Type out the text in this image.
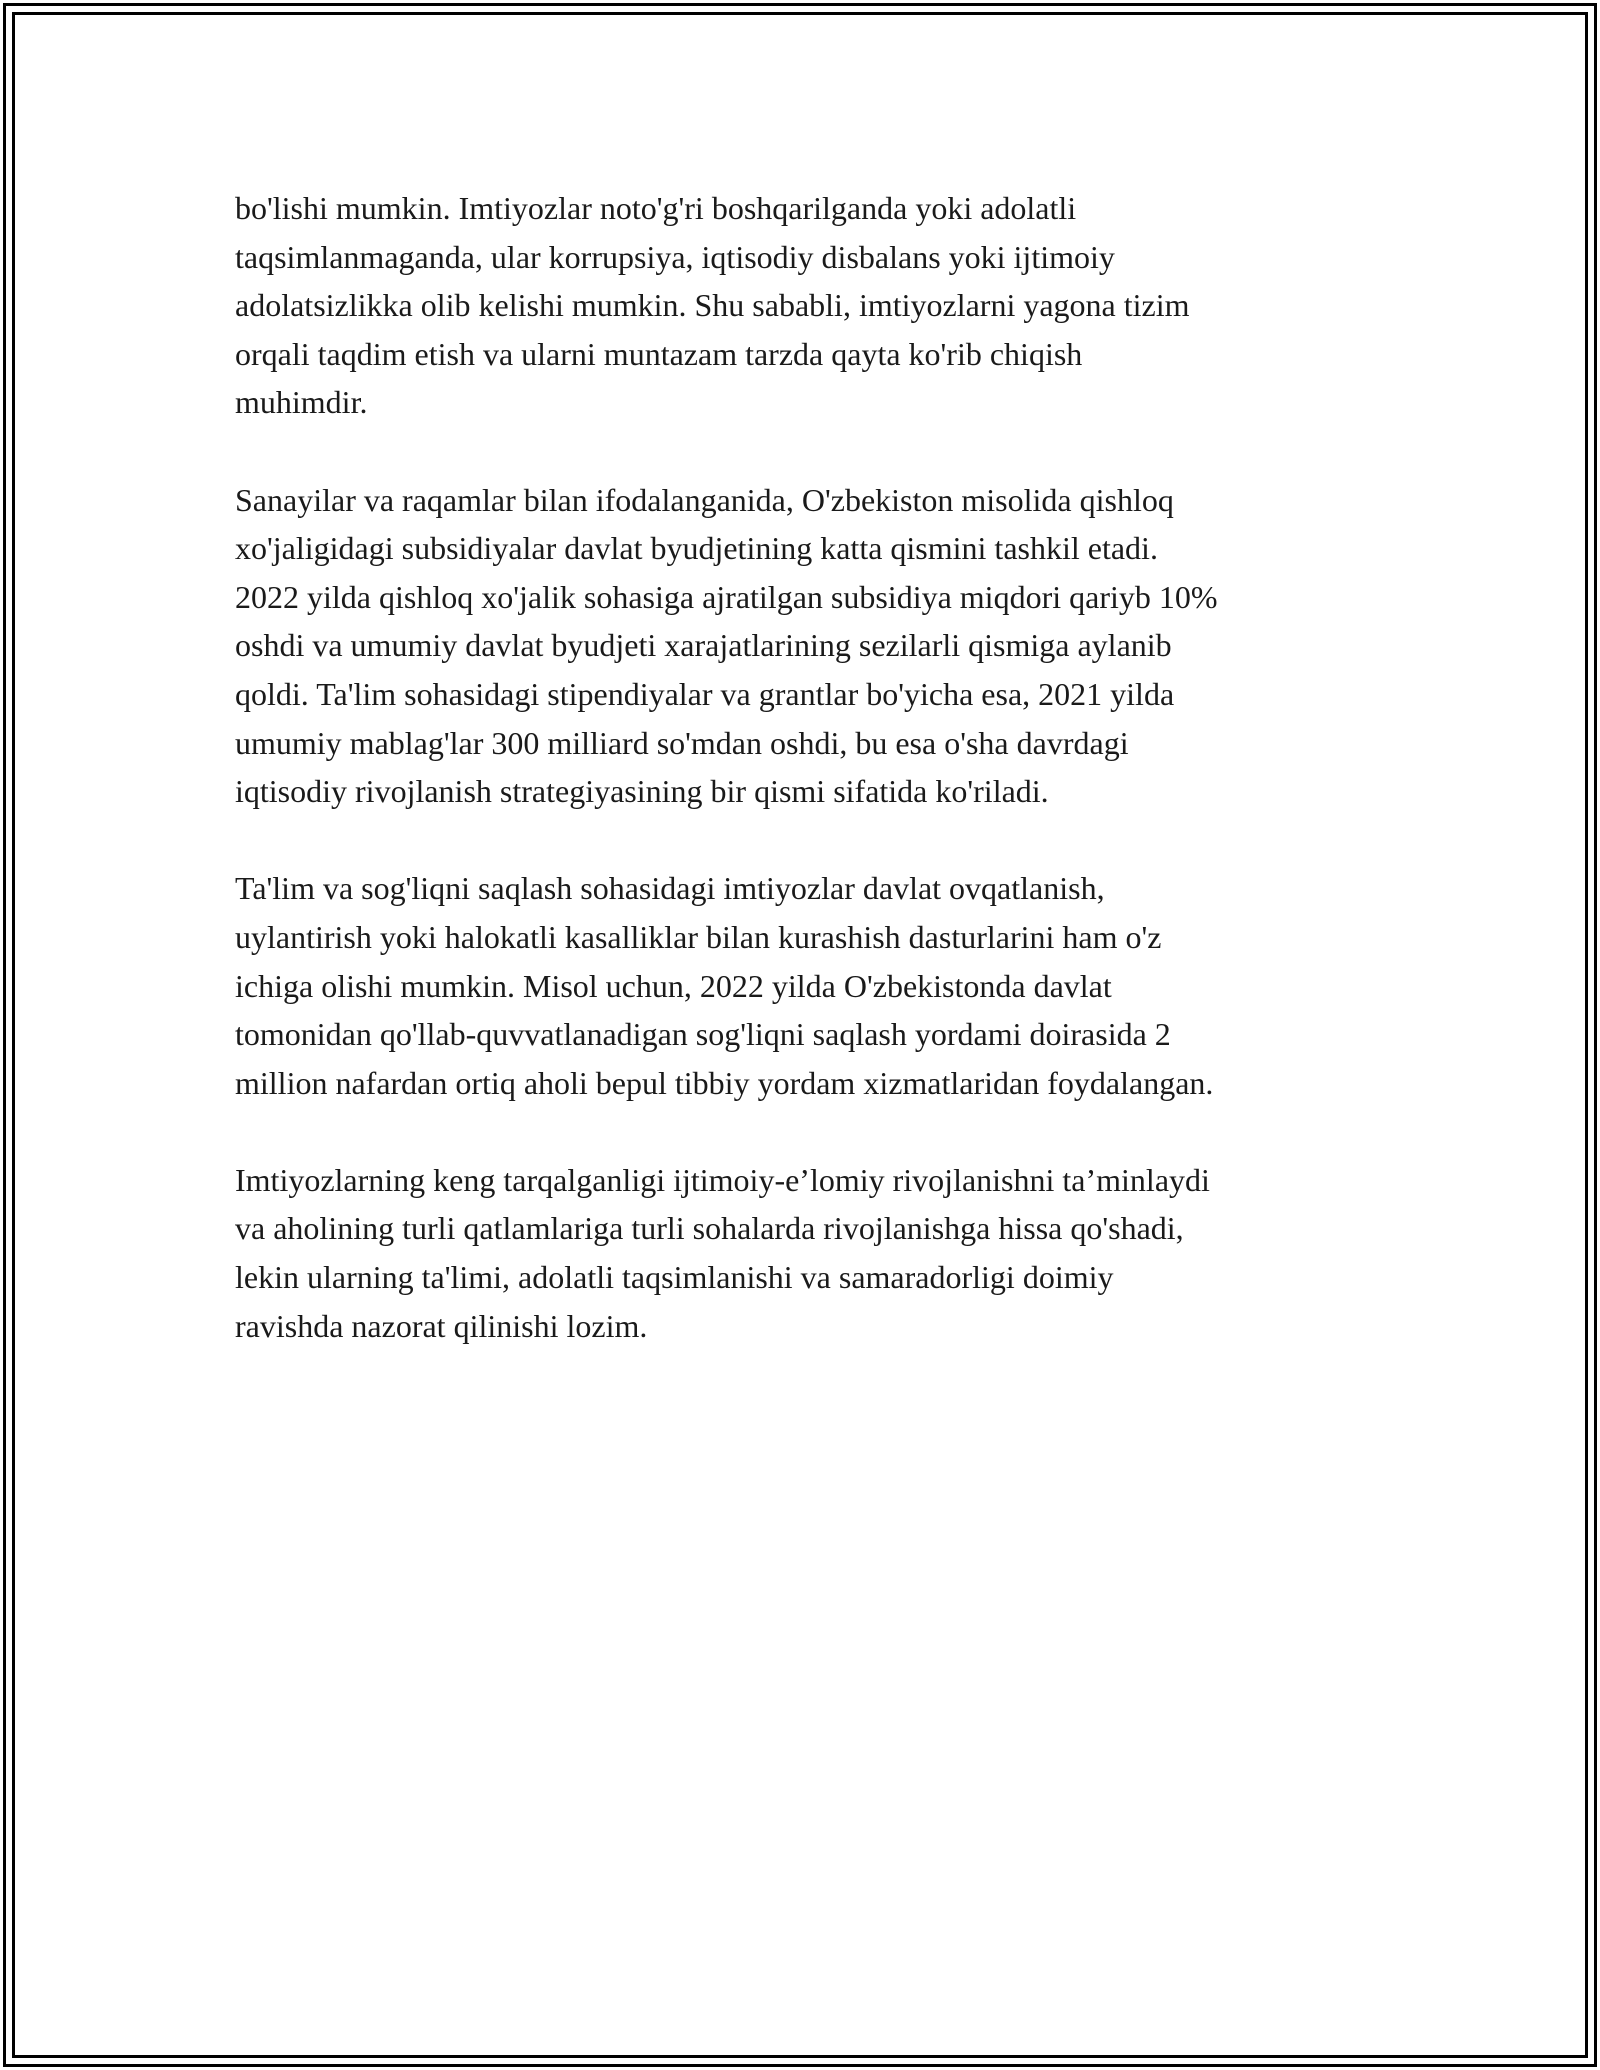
bo'lishi mumkin. Imtiyozlar noto'g'ri boshqarilganda yoki adolatli
taqsimlanmaganda, ular korrupsiya, iqtisodiy disbalans yoki ijtimoiy
adolatsizlikka olib kelishi mumkin. Shu sababli, imtiyozlarni yagona tizim
orqali taqdim etish va ularni muntazam tarzda qayta ko'rib chiqish
muhimdir.

Sanayilar va raqamlar bilan ifodalanganida, O'zbekiston misolida qishloq
xo'jaligidagi subsidiyalar davlat byudjetining katta qismini tashkil etadi.
2022 yilda qishloq xo'jalik sohasiga ajratilgan subsidiya miqdori qariyb 10%
oshdi va umumiy davlat byudjeti xarajatlarining sezilarli qismiga aylanib
qoldi. Ta'lim sohasidagi stipendiyalar va grantlar bo'yicha esa, 2021 yilda
umumiy mablag'lar 300 milliard so'mdan oshdi, bu esa o'sha davrdagi
iqtisodiy rivojlanish strategiyasining bir qismi sifatida ko'riladi.

Ta'lim va sog'liqni saqlash sohasidagi imtiyozlar davlat ovqatlanish,
uylantirish yoki halokatli kasalliklar bilan kurashish dasturlarini ham o'z
ichiga olishi mumkin. Misol uchun, 2022 yilda O'zbekistonda davlat
tomonidan qo'llab-quvvatlanadigan sog'liqni saqlash yordami doirasida 2
million nafardan ortiq aholi bepul tibbiy yordam xizmatlaridan foydalangan.

Imtiyozlarning keng tarqalganligi ijtimoiy-e’lomiy rivojlanishni ta’minlaydi
va aholining turli qatlamlariga turli sohalarda rivojlanishga hissa qo'shadi,
lekin ularning ta'limi, adolatli taqsimlanishi va samaradorligi doimiy
ravishda nazorat qilinishi lozim.
